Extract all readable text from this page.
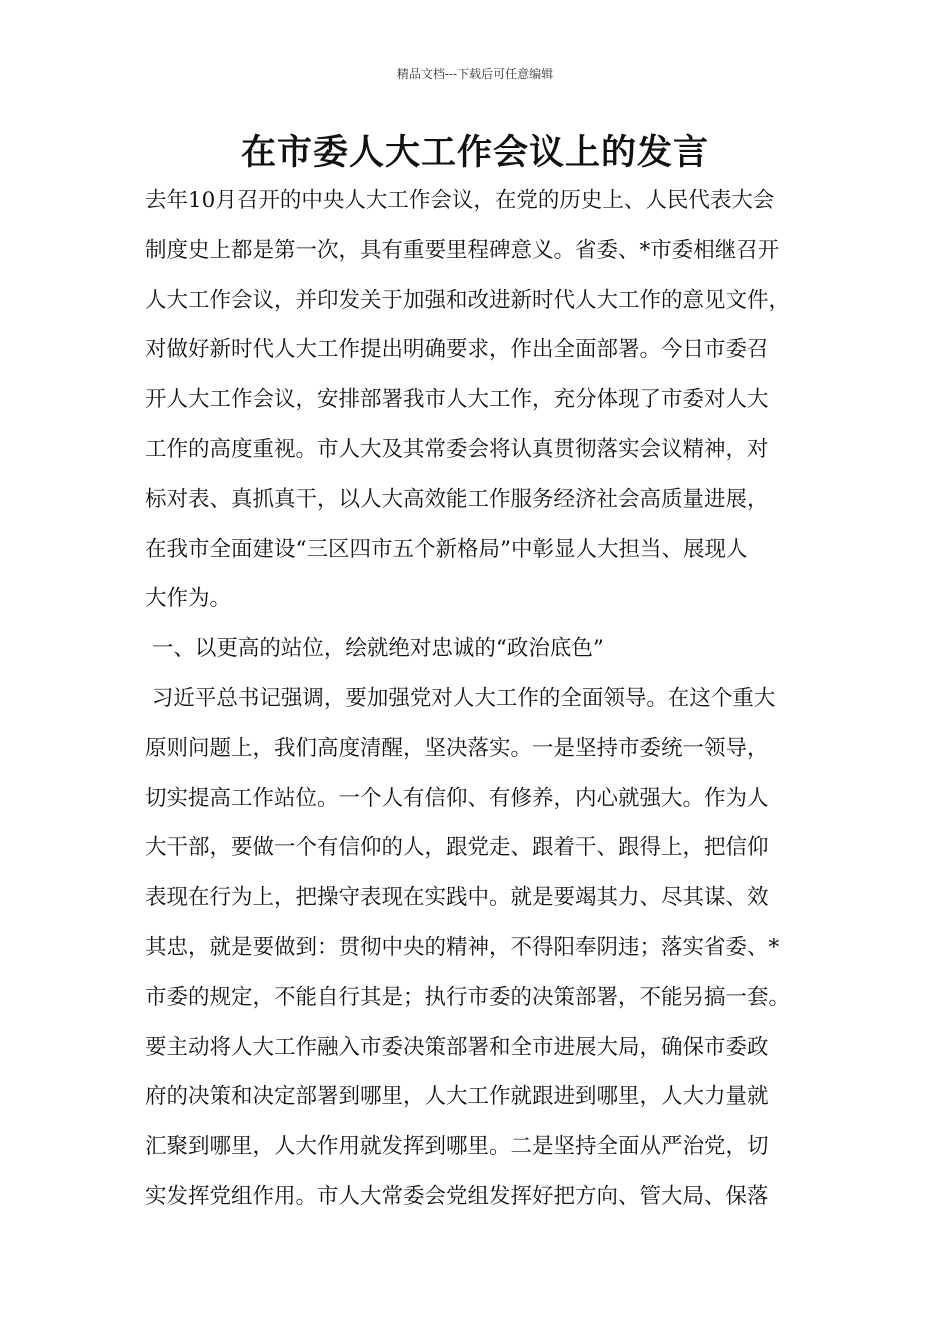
精品文档---下载后可任意编辑
在市委人大工作会议上的发言
去年10月召开的中央人大工作会议，在党的历史上、人民代表大会
制度史上都是第一次，具有重要里程碑意义。省委、*市委相继召开
人大工作会议，并印发关于加强和改进新时代人大工作的意见文件，
对做好新时代人大工作提出明确要求，作出全面部署。今日市委召
开人大工作会议，安排部署我市人大工作，充分体现了市委对人大
工作的高度重视。市人大及其常委会将认真贯彻落实会议精神，对
标对表、真抓真干，以人大高效能工作服务经济社会高质量进展，
在我市全面建设“三区四市五个新格局”中彰显人大担当、展现人
大作为。
一、以更高的站位，绘就绝对忠诚的“政治底色”
习近平总书记强调，要加强党对人大工作的全面领导。在这个重大
原则问题上，我们高度清醒，坚决落实。一是坚持市委统一领导，
切实提高工作站位。一个人有信仰、有修养，内心就强大。作为人
大干部，要做一个有信仰的人，跟党走、跟着干、跟得上，把信仰
表现在行为上，把操守表现在实践中。就是要竭其力、尽其谋、效
其忠，就是要做到：贯彻中央的精神，不得阳奉阴违；落实省委、*
市委的规定，不能自行其是；执行市委的决策部署，不能另搞一套。
要主动将人大工作融入市委决策部署和全市进展大局，确保市委政
府的决策和决定部署到哪里，人大工作就跟进到哪里，人大力量就
汇聚到哪里，人大作用就发挥到哪里。二是坚持全面从严治党，切
实发挥党组作用。市人大常委会党组发挥好把方向、管大局、保落
